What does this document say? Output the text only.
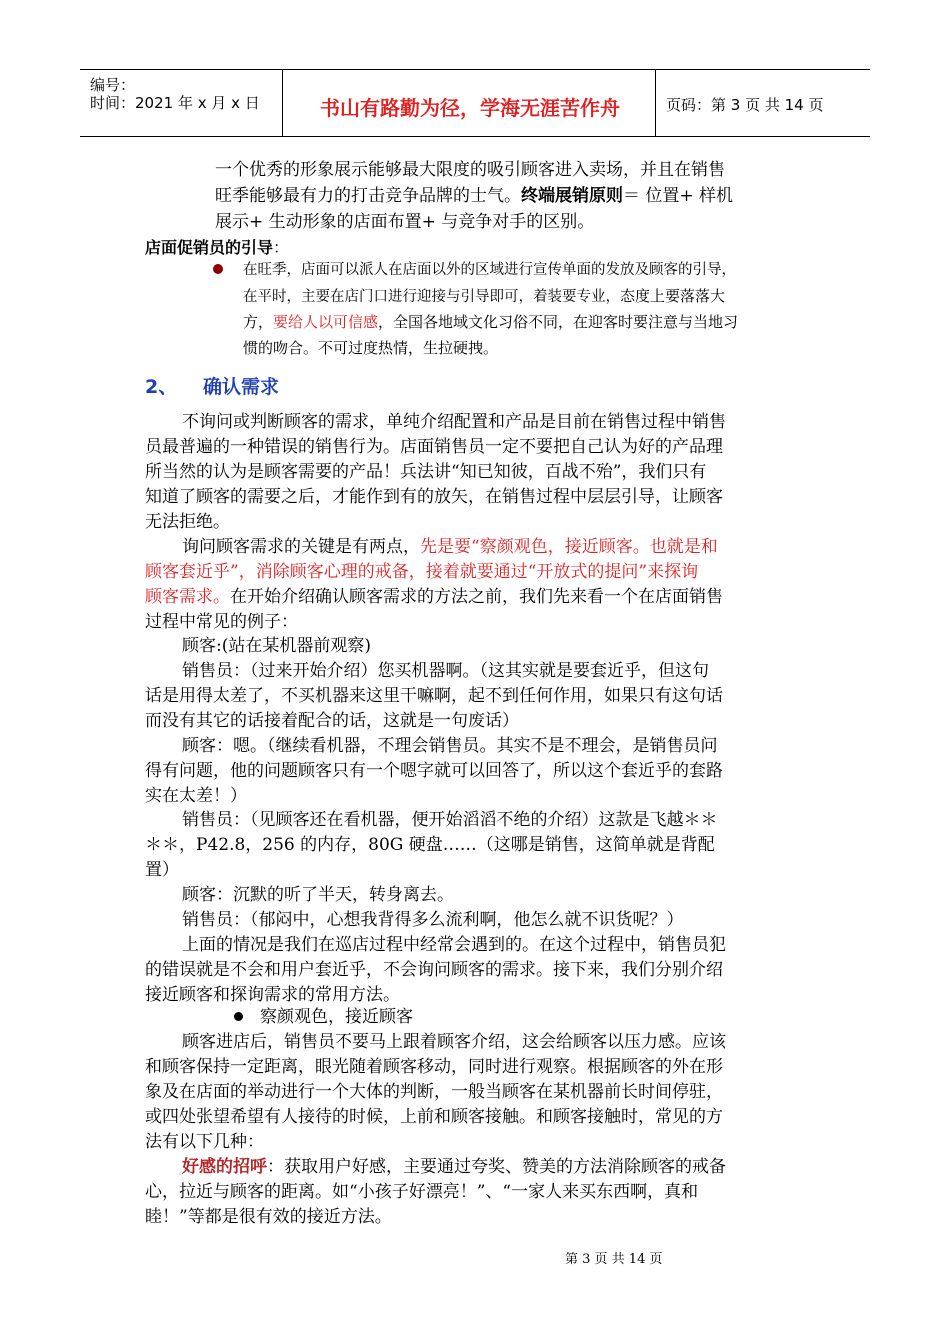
编号：
时间：2021 年 x 月 x 日	书山有路勤为径，学海无涯苦作舟	页码：第 3 页 共 14 页
一个优秀的形象展示能够最大限度的吸引顾客进入卖场，并且在销售
旺季能够最有力的打击竞争品牌的士气。终端展销原则＝ 位置+ 样机
展示+ 生动形象的店面布置+ 与竞争对手的区别。
店面促销员的引导：
在旺季，店面可以派人在店面以外的区域进行宣传单面的发放及顾客的引导，
在平时，主要在店门口进行迎接与引导即可，着装要专业，态度上要落落大
方，要给人以可信感，全国各地域文化习俗不同，在迎客时要注意与当地习
惯的吻合。不可过度热情，生拉硬拽。
2、 确认需求
不询问或判断顾客的需求，单纯介绍配置和产品是目前在销售过程中销售
员最普遍的一种错误的销售行为。店面销售员一定不要把自己认为好的产品理
所当然的认为是顾客需要的产品！兵法讲“知已知彼，百战不殆”，我们只有
知道了顾客的需要之后，才能作到有的放矢，在销售过程中层层引导，让顾客
无法拒绝。
询问顾客需求的关键是有两点，先是要“察颜观色，接近顾客。也就是和
顾客套近乎”，消除顾客心理的戒备，接着就要通过“开放式的提问”来探询
顾客需求。在开始介绍确认顾客需求的方法之前，我们先来看一个在店面销售
过程中常见的例子：
顾客:(站在某机器前观察)
销售员：（过来开始介绍）您买机器啊。（这其实就是要套近乎，但这句
话是用得太差了，不买机器来这里干嘛啊，起不到任何作用，如果只有这句话
而没有其它的话接着配合的话，这就是一句废话）
顾客：嗯。（继续看机器，不理会销售员。其实不是不理会，是销售员问
得有问题，他的问题顾客只有一个嗯字就可以回答了，所以这个套近乎的套路
实在太差！）
销售员：（见顾客还在看机器，便开始滔滔不绝的介绍）这款是飞越＊＊
＊＊，P42.8，256 的内存，80G 硬盘‥‥‥（这哪是销售，这简单就是背配
置）
顾客：沉默的听了半天，转身离去。
销售员：（郁闷中，心想我背得多么流利啊，他怎么就不识货呢？）
上面的情况是我们在巡店过程中经常会遇到的。在这个过程中，销售员犯
的错误就是不会和用户套近乎，不会询问顾客的需求。接下来，我们分别介绍
接近顾客和探询需求的常用方法。
察颜观色，接近顾客
顾客进店后，销售员不要马上跟着顾客介绍，这会给顾客以压力感。应该
和顾客保持一定距离，眼光随着顾客移动，同时进行观察。根据顾客的外在形
象及在店面的举动进行一个大体的判断，一般当顾客在某机器前长时间停驻，
或四处张望希望有人接待的时候，上前和顾客接触。和顾客接触时，常见的方
法有以下几种：
好感的招呼：获取用户好感，主要通过夸奖、赞美的方法消除顾客的戒备
心，拉近与顾客的距离。如“小孩子好漂亮！”、“一家人来买东西啊，真和
睦！”等都是很有效的接近方法。
第 3 页 共 14 页
